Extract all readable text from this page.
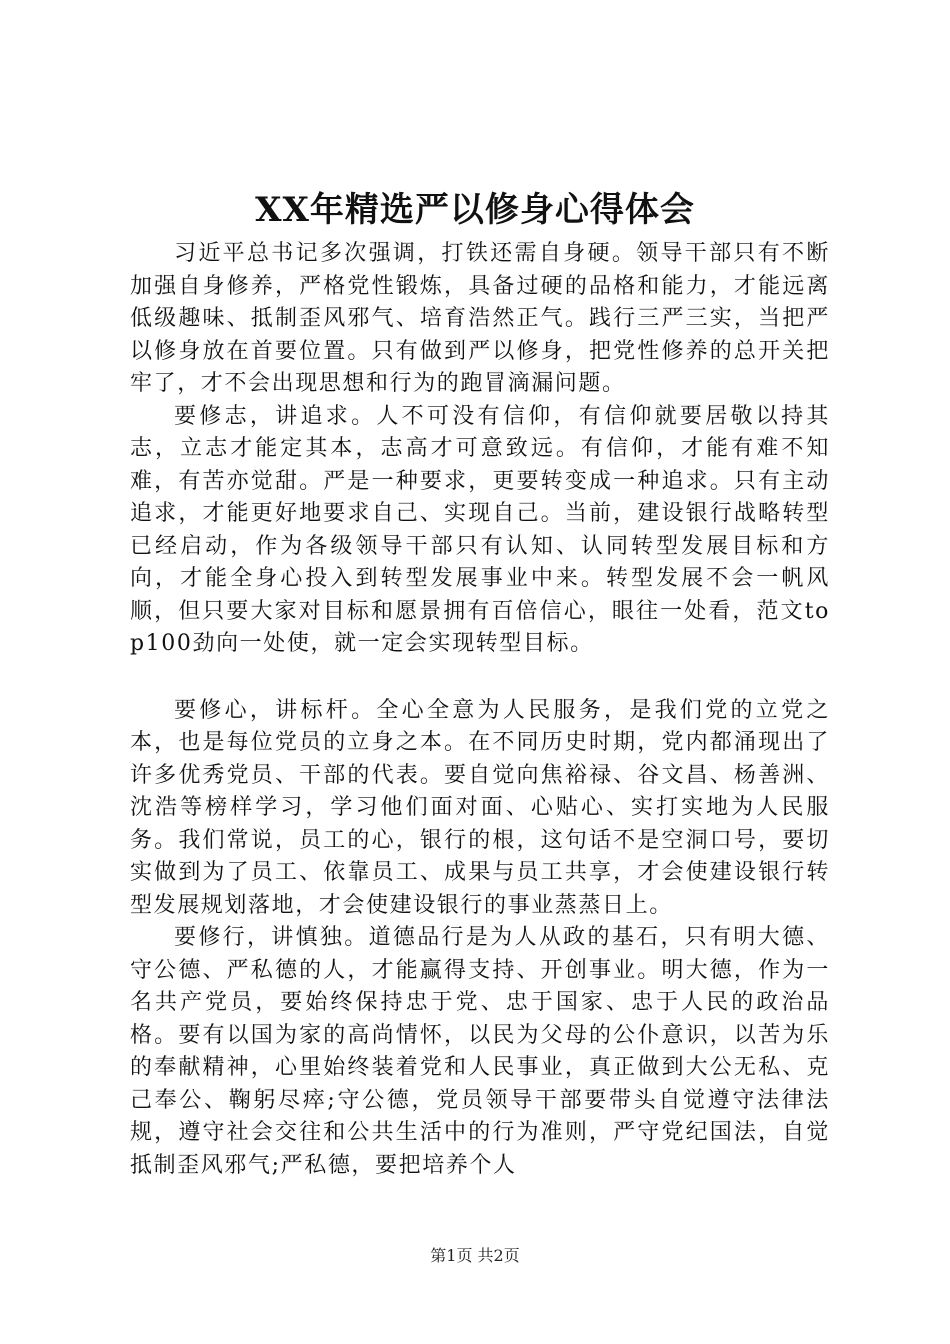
XX年精选严以修身心得体会

习近平总书记多次强调，打铁还需自身硬。领导干部只有不断加强自身修养，严格党性锻炼，具备过硬的品格和能力，才能远离低级趣味、抵制歪风邪气、培育浩然正气。践行三严三实，当把严以修身放在首要位置。只有做到严以修身，把党性修养的总开关把牢了，才不会出现思想和行为的跑冒滴漏问题。

要修志，讲追求。人不可没有信仰，有信仰就要居敬以持其志，立志才能定其本，志高才可意致远。有信仰，才能有难不知难，有苦亦觉甜。严是一种要求，更要转变成一种追求。只有主动追求，才能更好地要求自己、实现自己。当前，建设银行战略转型已经启动，作为各级领导干部只有认知、认同转型发展目标和方向，才能全身心投入到转型发展事业中来。转型发展不会一帆风顺，但只要大家对目标和愿景拥有百倍信心，眼往一处看，范文top100劲向一处使，就一定会实现转型目标。

要修心，讲标杆。全心全意为人民服务，是我们党的立党之本，也是每位党员的立身之本。在不同历史时期，党内都涌现出了许多优秀党员、干部的代表。要自觉向焦裕禄、谷文昌、杨善洲、沈浩等榜样学习，学习他们面对面、心贴心、实打实地为人民服务。我们常说，员工的心，银行的根，这句话不是空洞口号，要切实做到为了员工、依靠员工、成果与员工共享，才会使建设银行转型发展规划落地，才会使建设银行的事业蒸蒸日上。

要修行，讲慎独。道德品行是为人从政的基石，只有明大德、守公德、严私德的人，才能赢得支持、开创事业。明大德，作为一名共产党员，要始终保持忠于党、忠于国家、忠于人民的政治品格。要有以国为家的高尚情怀，以民为父母的公仆意识，以苦为乐的奉献精神，心里始终装着党和人民事业，真正做到大公无私、克己奉公、鞠躬尽瘁;守公德，党员领导干部要带头自觉遵守法律法规，遵守社会交往和公共生活中的行为准则，严守党纪国法，自觉抵制歪风邪气;严私德，要把培养个人

第1页 共2页
